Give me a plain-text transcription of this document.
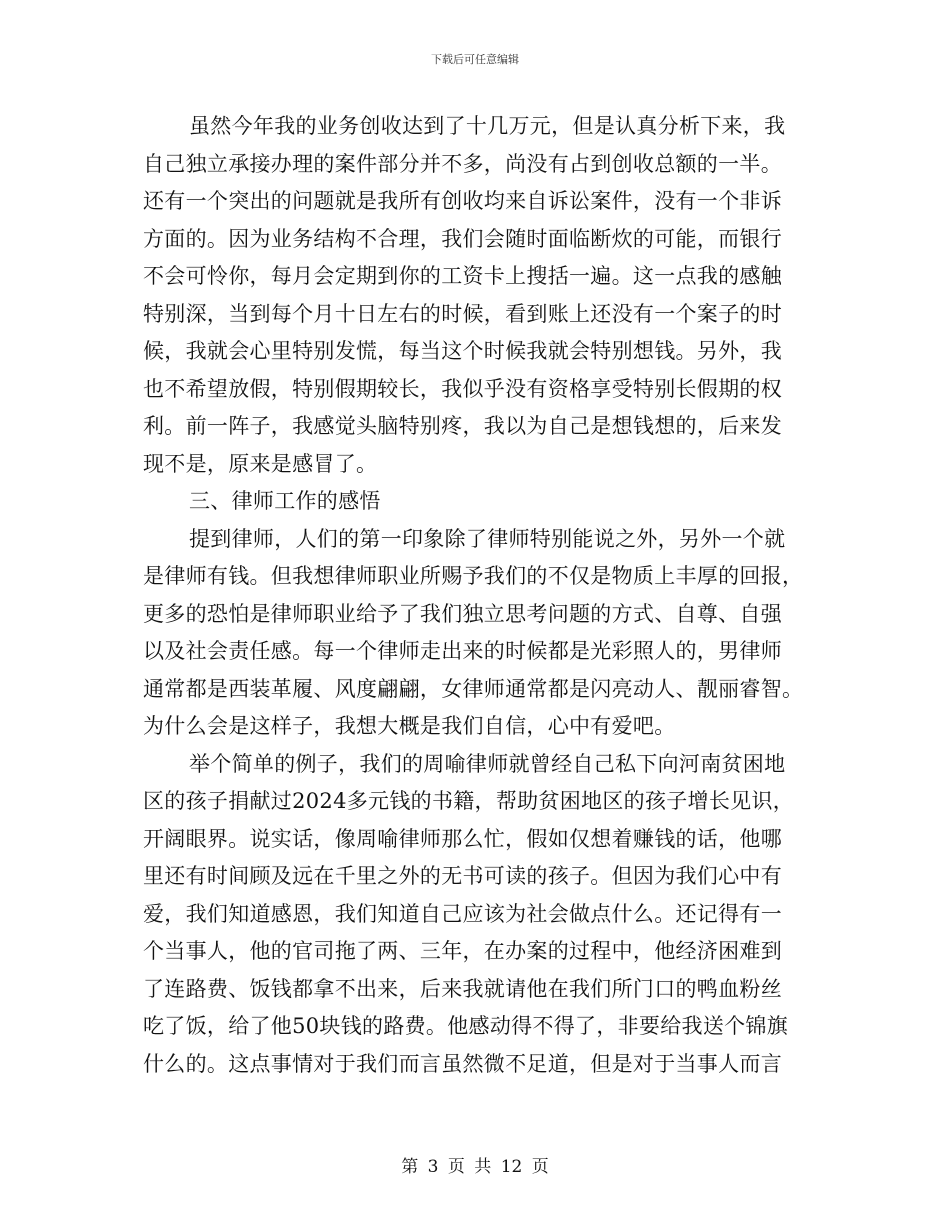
下载后可任意编辑
虽然今年我的业务创收达到了十几万元，但是认真分析下来，我
自己独立承接办理的案件部分并不多，尚没有占到创收总额的一半。
还有一个突出的问题就是我所有创收均来自诉讼案件，没有一个非诉
方面的。因为业务结构不合理，我们会随时面临断炊的可能，而银行
不会可怜你，每月会定期到你的工资卡上搜括一遍。这一点我的感触
特别深，当到每个月十日左右的时候，看到账上还没有一个案子的时
候，我就会心里特别发慌，每当这个时候我就会特别想钱。另外，我
也不希望放假，特别假期较长，我似乎没有资格享受特别长假期的权
利。前一阵子，我感觉头脑特别疼，我以为自己是想钱想的，后来发
现不是，原来是感冒了。
三、律师工作的感悟
提到律师，人们的第一印象除了律师特别能说之外，另外一个就
是律师有钱。但我想律师职业所赐予我们的不仅是物质上丰厚的回报，
更多的恐怕是律师职业给予了我们独立思考问题的方式、自尊、自强
以及社会责任感。每一个律师走出来的时候都是光彩照人的，男律师
通常都是西装革履、风度翩翩，女律师通常都是闪亮动人、靓丽睿智。
为什么会是这样子，我想大概是我们自信，心中有爱吧。
举个简单的例子，我们的周喻律师就曾经自己私下向河南贫困地
区的孩子捐献过2024多元钱的书籍，帮助贫困地区的孩子增长见识，
开阔眼界。说实话，像周喻律师那么忙，假如仅想着赚钱的话，他哪
里还有时间顾及远在千里之外的无书可读的孩子。但因为我们心中有
爱，我们知道感恩，我们知道自己应该为社会做点什么。还记得有一
个当事人，他的官司拖了两、三年，在办案的过程中，他经济困难到
了连路费、饭钱都拿不出来，后来我就请他在我们所门口的鸭血粉丝
吃了饭，给了他50块钱的路费。他感动得不得了，非要给我送个锦旗
什么的。这点事情对于我们而言虽然微不足道，但是对于当事人而言
第 3 页 共 12 页
